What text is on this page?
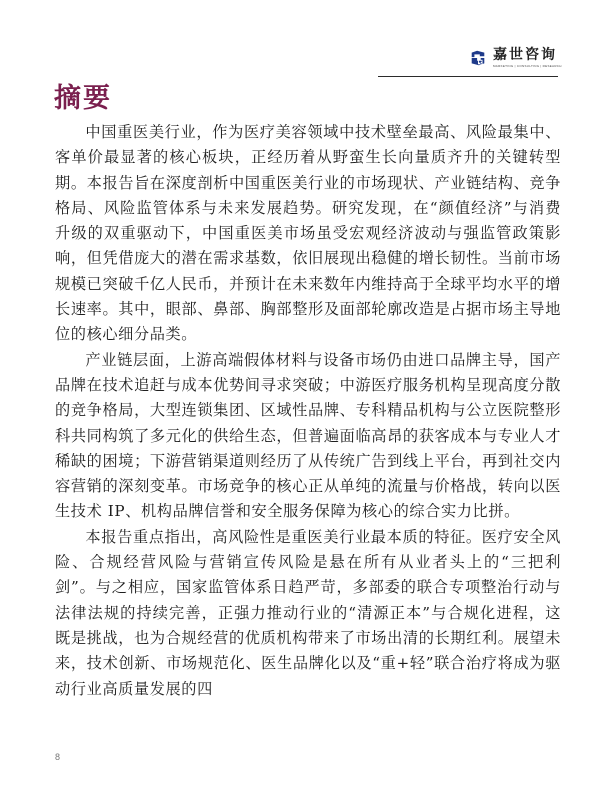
嘉世咨询
MARKETING | CONSULTING | RESEARCH
摘要

中国重医美行业，作为医疗美容领域中技术壁垒最高、风险最集中、客单价最显著的核心板块，正经历着从野蛮生长向量质齐升的关键转型期。本报告旨在深度剖析中国重医美行业的市场现状、产业链结构、竞争格局、风险监管体系与未来发展趋势。研究发现，在“颜值经济”与消费升级的双重驱动下，中国重医美市场虽受宏观经济波动与强监管政策影响，但凭借庞大的潜在需求基数，依旧展现出稳健的增长韧性。当前市场规模已突破千亿人民币，并预计在未来数年内维持高于全球平均水平的增长速率。其中，眼部、鼻部、胸部整形及面部轮廓改造是占据市场主导地位的核心细分品类。

产业链层面，上游高端假体材料与设备市场仍由进口品牌主导，国产品牌在技术追赶与成本优势间寻求突破；中游医疗服务机构呈现高度分散的竞争格局，大型连锁集团、区域性品牌、专科精品机构与公立医院整形科共同构筑了多元化的供给生态，但普遍面临高昂的获客成本与专业人才稀缺的困境；下游营销渠道则经历了从传统广告到线上平台，再到社交内容营销的深刻变革。市场竞争的核心正从单纯的流量与价格战，转向以医生技术 IP、机构品牌信誉和安全服务保障为核心的综合实力比拼。

本报告重点指出，高风险性是重医美行业最本质的特征。医疗安全风险、合规经营风险与营销宣传风险是悬在所有从业者头上的“三把利剑”。与之相应，国家监管体系日趋严苛，多部委的联合专项整治行动与法律法规的持续完善，正强力推动行业的“清源正本”与合规化进程，这既是挑战，也为合规经营的优质机构带来了市场出清的长期红利。展望未来，技术创新、市场规范化、医生品牌化以及“重+轻”联合治疗将成为驱动行业高质量发展的四

8
